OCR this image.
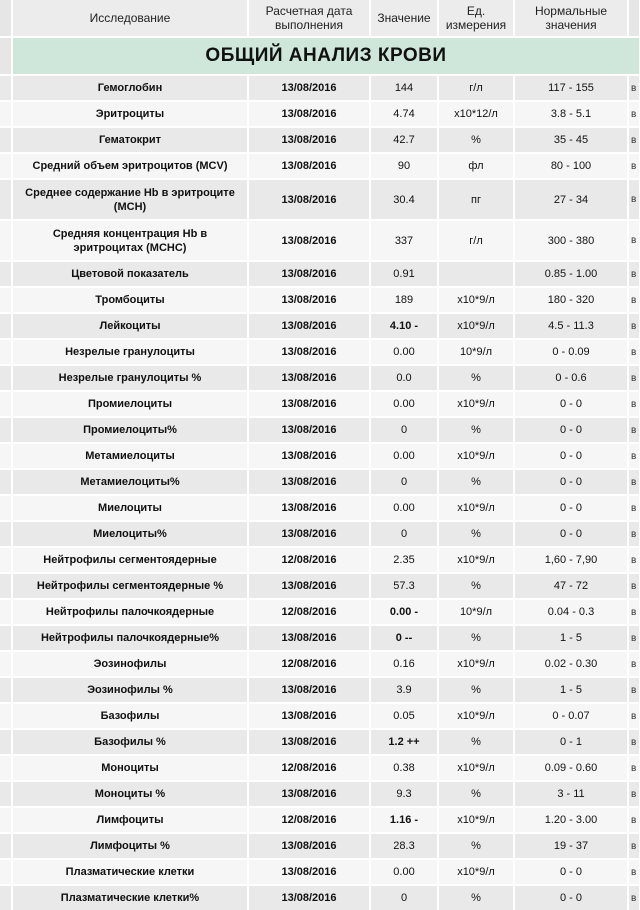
	Исследование	Расчетная дата выполнения	Значение	Ед. измерения	Нормальные значения	
	ОБЩИЙ АНАЛИЗ КРОВИ					
	Гемоглобин	13/08/2016	144	г/л	117 - 155	в
	Эритроциты	13/08/2016	4.74	x10*12/л	3.8 - 5.1	в
	Гематокрит	13/08/2016	42.7	%	35 - 45	в
	Средний объем эритроцитов (MCV)	13/08/2016	90	фл	80 - 100	в
	Среднее содержание Hb в эритроците (MCH)	13/08/2016	30.4	пг	27 - 34	в
	Средняя концентрация Hb в эритроцитах (MCHC)	13/08/2016	337	г/л	300 - 380	в
	Цветовой показатель	13/08/2016	0.91		0.85 - 1.00	в
	Тромбоциты	13/08/2016	189	x10*9/л	180 - 320	в
	Лейкоциты	13/08/2016	4.10 -	x10*9/л	4.5 - 11.3	в
	Незрелые гранулоциты	13/08/2016	0.00	10*9/л	0 - 0.09	в
	Незрелые гранулоциты %	13/08/2016	0.0	%	0 - 0.6	в
	Промиелоциты	13/08/2016	0.00	x10*9/л	0 - 0	в
	Промиелоциты%	13/08/2016	0	%	0 - 0	в
	Метамиелоциты	13/08/2016	0.00	x10*9/л	0 - 0	в
	Метамиелоциты%	13/08/2016	0	%	0 - 0	в
	Миелоциты	13/08/2016	0.00	x10*9/л	0 - 0	в
	Миелоциты%	13/08/2016	0	%	0 - 0	в
	Нейтрофилы сегментоядерные	12/08/2016	2.35	x10*9/л	1,60 - 7,90	в
	Нейтрофилы сегментоядерные %	13/08/2016	57.3	%	47 - 72	в
	Нейтрофилы палочкоядерные	12/08/2016	0.00 -	10*9/л	0.04 - 0.3	в
	Нейтрофилы палочкоядерные%	13/08/2016	0 --	%	1 - 5	в
	Эозинофилы	12/08/2016	0.16	x10*9/л	0.02 - 0.30	в
	Эозинофилы %	13/08/2016	3.9	%	1 - 5	в
	Базофилы	13/08/2016	0.05	x10*9/л	0 - 0.07	в
	Базофилы %	13/08/2016	1.2 ++	%	0 - 1	в
	Моноциты	12/08/2016	0.38	x10*9/л	0.09 - 0.60	в
	Моноциты %	13/08/2016	9.3	%	3 - 11	в
	Лимфоциты	12/08/2016	1.16 -	x10*9/л	1.20 - 3.00	в
	Лимфоциты %	13/08/2016	28.3	%	19 - 37	в
	Плазматические клетки	13/08/2016	0.00	x10*9/л	0 - 0	в
	Плазматические клетки%	13/08/2016	0	%	0 - 0	в
